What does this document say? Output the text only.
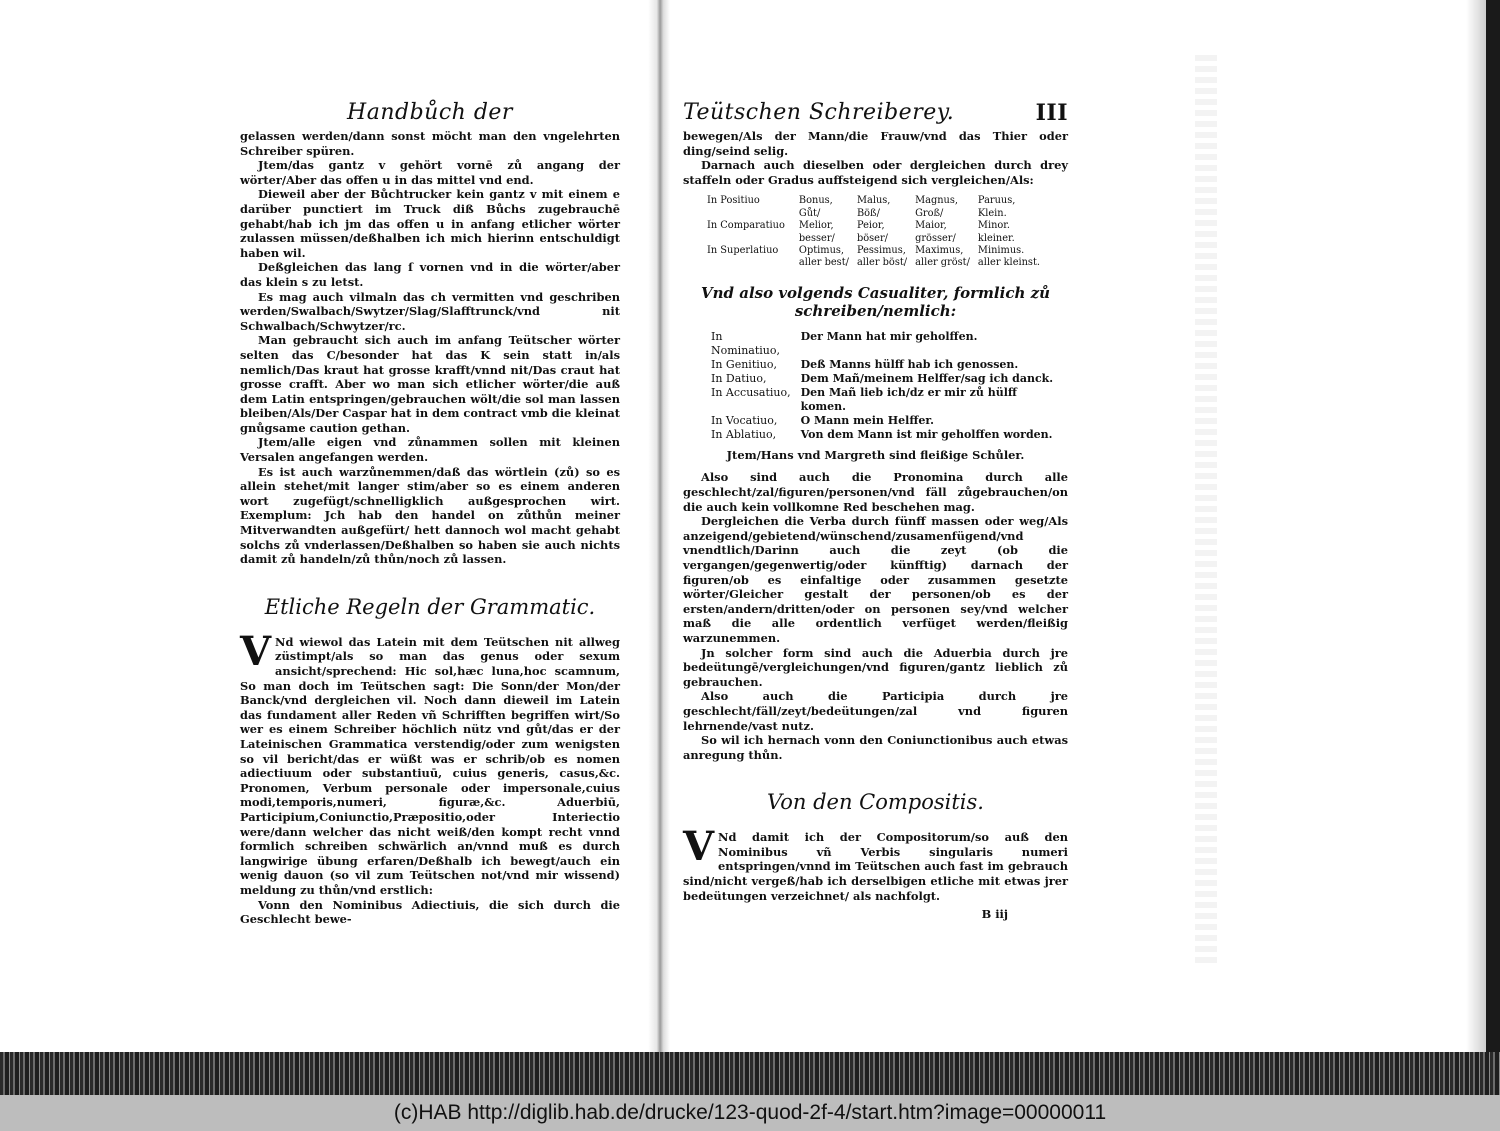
Handbůch der

gelassen werden/dann sonst möcht man den vngelehrten Schreiber spüren.

Jtem/das gantz v gehört vornē zů angang der wörter/Aber das offen u in das mittel vnd end.

Dieweil aber der Bůchtrucker kein gantz v mit einem e darüber punctiert im Truck diß Bůchs zugebrauchē gehabt/hab ich jm das offen u in anfang etlicher wörter zulassen müssen/deßhalben ich mich hierinn entschuldigt haben wil.

Deßgleichen das lang ſ vornen vnd in die wörter/aber das klein s zu letst.

Es mag auch vilmaln das ch vermitten vnd geschriben werden/Swalbach/Swytzer/Slag/Slafftrunck/vnd nit Schwalbach/Schwytzer/rc.

Man gebraucht sich auch im anfang Teütscher wörter selten das C/besonder hat das K sein statt in/als nemlich/Das kraut hat grosse krafft/vnnd nit/Das craut hat grosse crafft. Aber wo man sich etlicher wörter/die auß dem Latin entspringen/gebrauchen wölt/die sol man lassen bleiben/Als/Der Caspar hat in dem contract vmb die kleinat gnůgsame caution gethan.

Jtem/alle eigen vnd zůnammen sollen mit kleinen Versalen angefangen werden.

Es ist auch warzůnemmen/daß das wörtlein (zů) so es allein stehet/mit langer stim/aber so es einem anderen wort zugefügt/schnelligklich außgesprochen wirt. Exemplum: Jch hab den handel on zůthůn meiner Mitverwandten außgefürt/ hett dannoch wol macht gehabt solchs zů vnderlassen/Deßhalben so haben sie auch nichts damit zů handeln/zů thůn/noch zů lassen.

Etliche Regeln der Grammatic.

V Nd wiewol das Latein mit dem Teütschen nit allweg züstimpt/als so man das genus oder sexum ansicht/sprechend: Hic sol,hæc luna,hoc scamnum, So man doch im Teütschen sagt: Die Sonn/der Mon/der Banck/vnd dergleichen vil. Noch dann dieweil im Latein das fundament aller Reden vñ Schrifften begriffen wirt/So wer es einem Schreiber höchlich nütz vnd gůt/das er der Lateinischen Grammatica verstendig/oder zum wenigsten so vil bericht/das er wüßt was er schrib/ob es nomen adiectiuum oder substantiuū, cuius generis, casus,&c. Pronomen, Verbum personale oder impersonale,cuius modi,temporis,numeri, figuræ,&c. Aduerbiū, Participium,Coniunctio,Præpositio,oder Interiectio were/dann welcher das nicht weiß/den kompt recht vnnd formlich schreiben schwärlich an/vnnd muß es durch langwirige übung erfaren/Deßhalb ich bewegt/auch ein wenig dauon (so vil zum Teütschen not/vnd mir wissend) meldung zu thůn/vnd erstlich:

Vonn den Nominibus Adiectiuis, die sich durch die Geschlecht bewe-

Teütschen Schreiberey.	III

bewegen/Als der Mann/die Frauw/vnd das Thier oder ding/seind selig.

Darnach auch dieselben oder dergleichen durch drey staffeln oder Gradus auffsteigend sich vergleichen/Als:

In Positiuo	Bonus,	Malus,	Magnus,	Paruus,
	Gůt/	Böß/	Groß/	Klein.
In Comparatiuo	Melior,	Peior,	Maior,	Minor.
	besser/	böser/	grösser/	kleiner.
In Superlatiuo	Optimus,	Pessimus,	Maximus,	Minimus.
	aller best/	aller böst/	aller gröst/	aller kleinst.
Vnd also volgends Casualiter, formlich zů schreiben/nemlich:
In Nominatiuo,	Der Mann hat mir geholffen.
In Genitiuo,	Deß Manns hülff hab ich genossen.
In Datiuo,	Dem Mañ/meinem Helffer/sag ich danck.
In Accusatiuo,	Den Mañ lieb ich/dz er mir zů hülff komen.
In Vocatiuo,	O Mann mein Helffer.
In Ablatiuo,	Von dem Mann ist mir geholffen worden.

Jtem/Hans vnd Margreth sind fleißige Schůler.

Also sind auch die Pronomina durch alle geschlecht/zal/figuren/personen/vnd fäll zůgebrauchen/on die auch kein vollkomne Red beschehen mag.

Dergleichen die Verba durch fünff massen oder weg/Als anzeigend/gebietend/wünschend/zusamenfügend/vnd vnendtlich/Darinn auch die zeyt (ob die vergangen/gegenwertig/oder künfftig) darnach der figuren/ob es einfaltige oder zusammen gesetzte wörter/Gleicher gestalt der personen/ob es der ersten/andern/dritten/oder on personen sey/vnd welcher maß die alle ordentlich verfüget werden/fleißig warzunemmen.

Jn solcher form sind auch die Aduerbia durch jre bedeütungē/vergleichungen/vnd figuren/gantz lieblich zů gebrauchen.

Also auch die Participia durch jre geschlecht/fäll/zeyt/bedeütungen/zal vnd figuren lehrnende/vast nutz.

So wil ich hernach vonn den Coniunctionibus auch etwas anregung thůn.

Von den Compositis.

V Nd damit ich der Compositorum/so auß den Nominibus vñ Verbis singularis numeri entspringen/vnnd im Teütschen auch fast im gebrauch sind/nicht vergeß/hab ich derselbigen etliche mit etwas jrer bedeütungen verzeichnet/ als nachfolgt.

B iij
(c)HAB http://diglib.hab.de/drucke/123-quod-2f-4/start.htm?image=00000011
